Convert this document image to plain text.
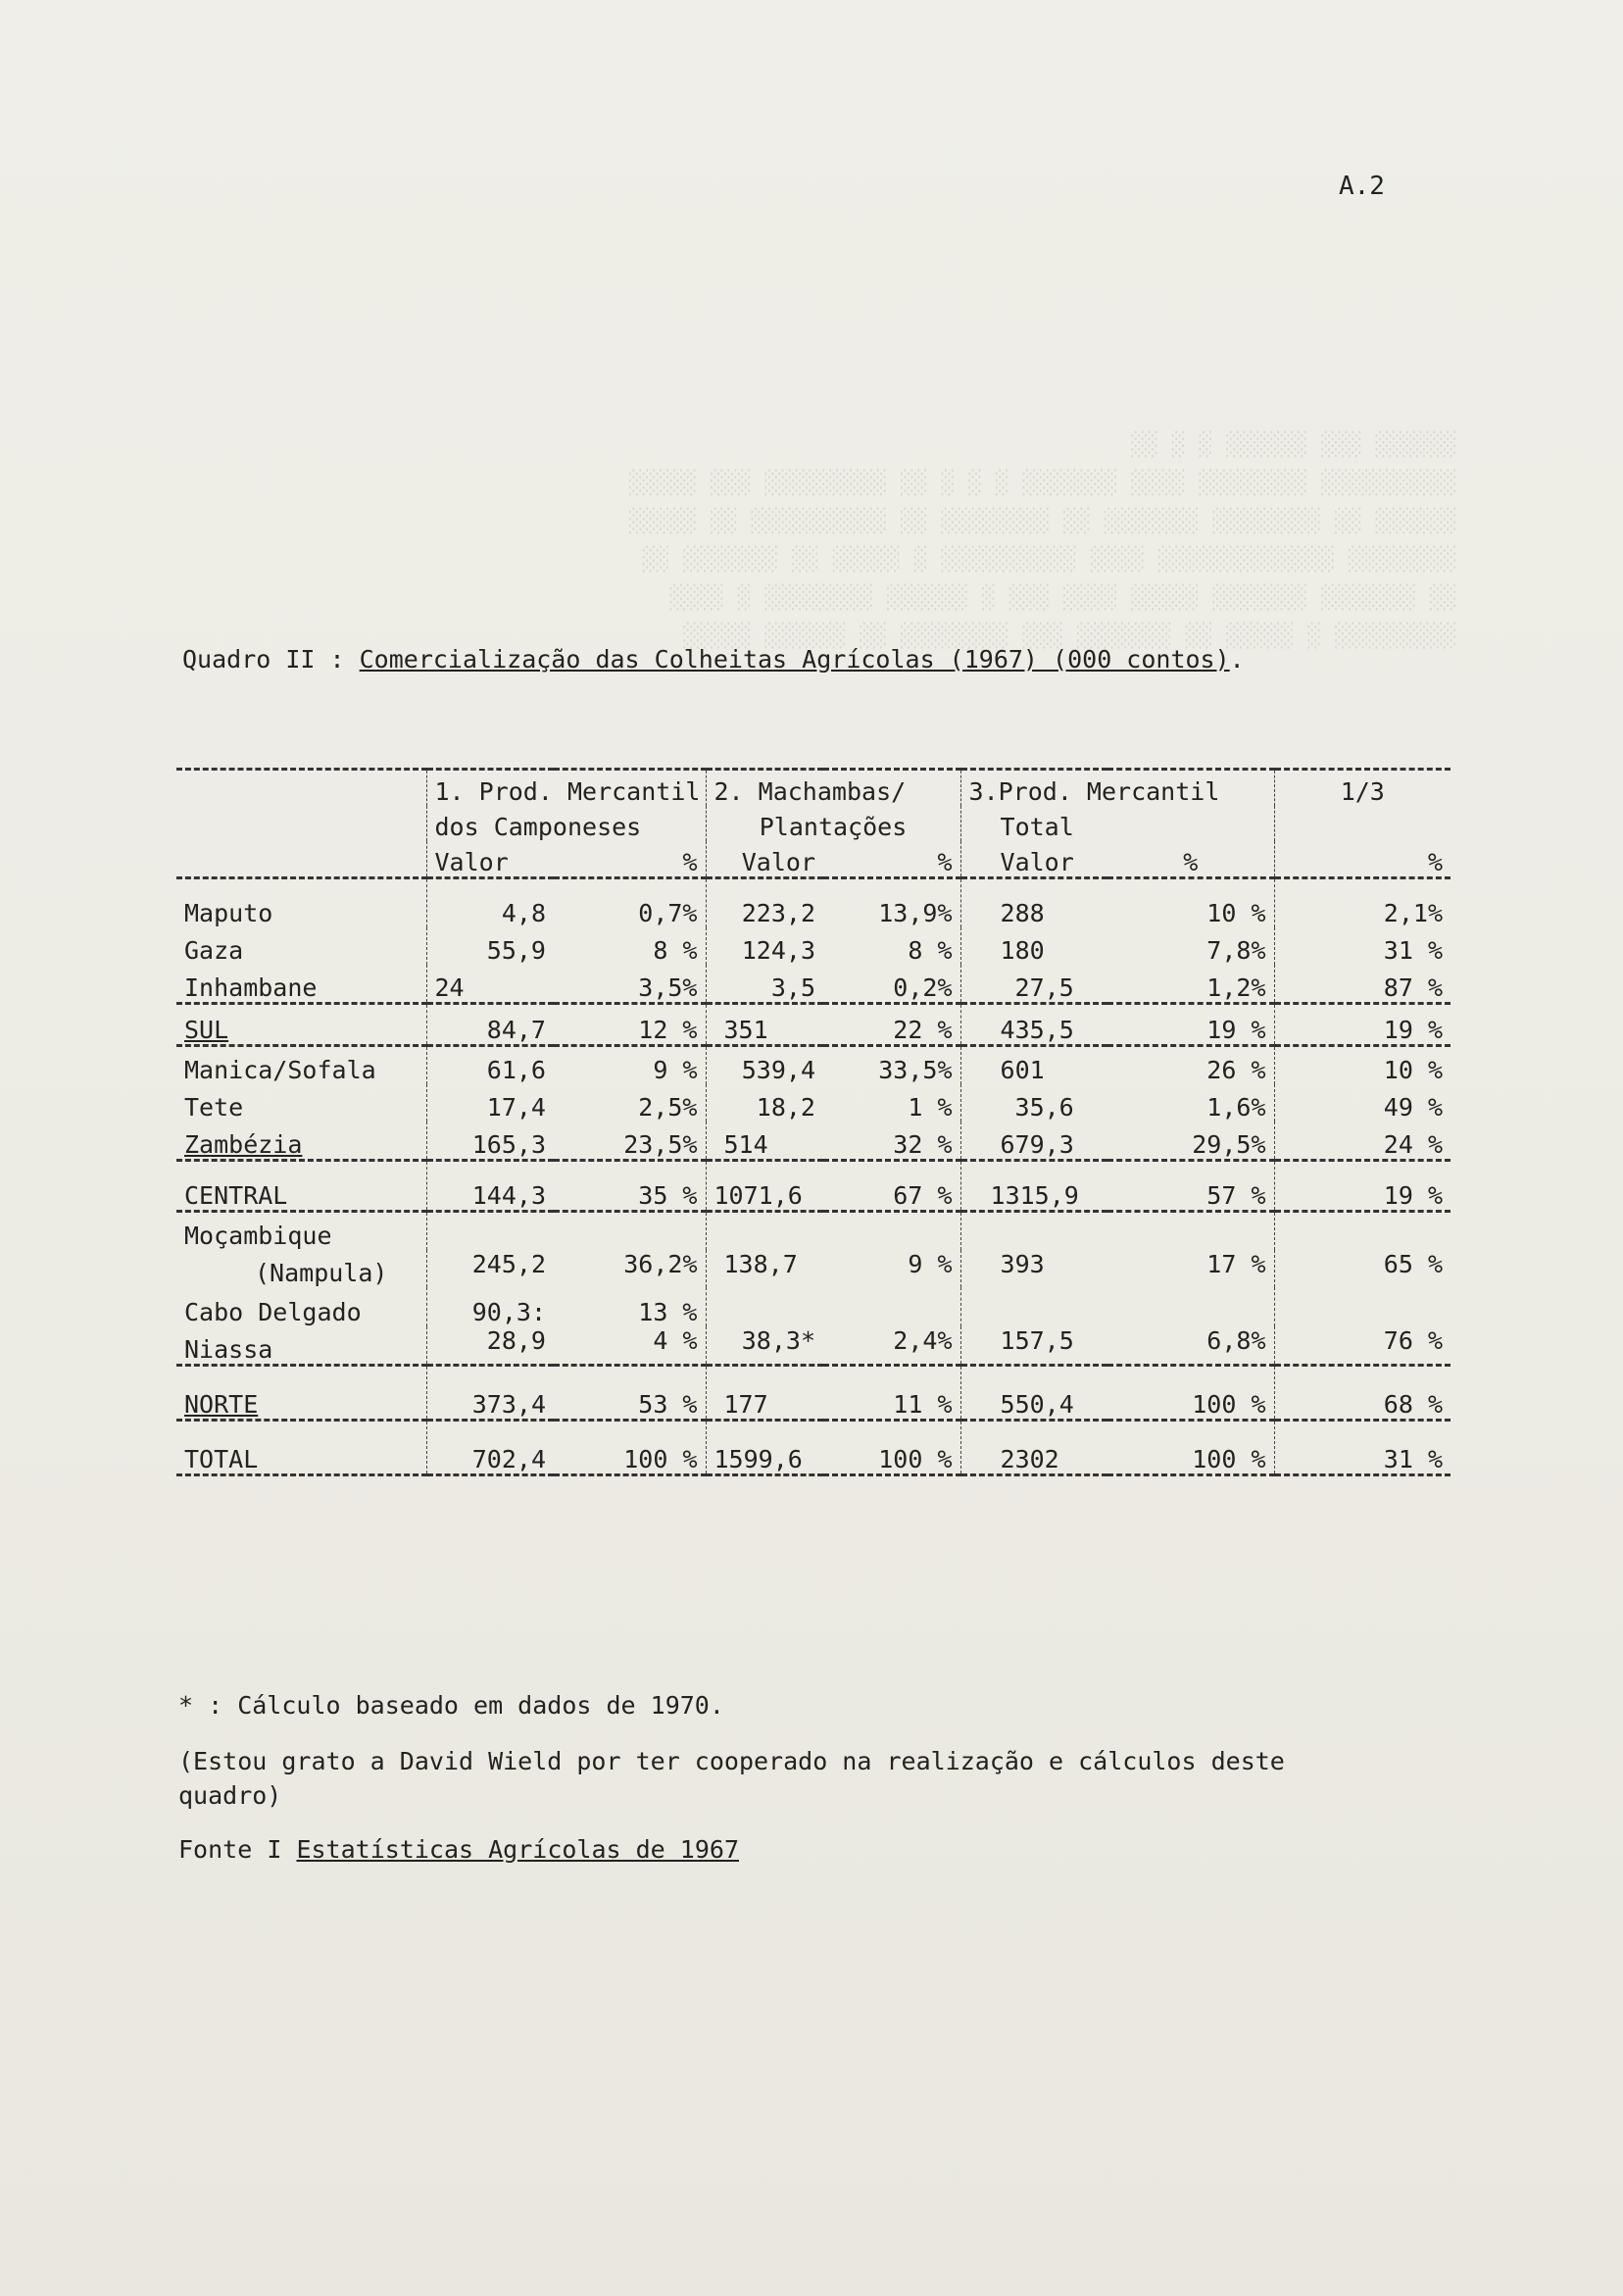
░░░░░░ ░░░ ░░░░░░ ░ ░ ░░
░░░░░░░░░░ ░░░░░░░░ ░░░░ ░░░░░░░ ░ ░ ░ ░░ ░░░░░░░░░ ░░░ ░░░░░
░░░░░░ ░░ ░░░░░░░░ ░░░░░░░ ░░ ░░░░░░░░ ░░ ░░░░░░░░░░ ░░ ░░░░░
░░░░░░░░ ░░░░░░░░░░░░░ ░░░░ ░░░░░░░░░░ ░ ░░░░░ ░░ ░░░░░░░ ░░
░░ ░░░░░░░ ░░░░░░░ ░░░░░ ░░░░ ░░░ ░ ░░░░░░ ░░░░░░░░ ░ ░░░░
░░░░░░░░░ ░ ░░░░░ ░░ ░░░░░░░ ░░░ ░░░░░░░░ ░░ ░░░░░░ ░░░░░

A.2
Quadro II : Comercialização das Colheitas Agrícolas (1967) (000 contos).
	1. Prod. Mercantil		2. Machambas/		3.Prod. Mercantil		1/3
	dos Camponeses		Plantações		Total		
	Valor	%	Valor	%	Valor	%	%
Maputo	4,8	0,7%	223,2	13,9%	288	10 %	2,1%
Gaza	55,9	8 %	124,3	8 %	180	7,8%	31 %
Inhambane	24	3,5%	3,5	0,2%	27,5	1,2%	87 %
SUL	84,7	12 %	351	22 %	435,5	19 %	19 %
Manica/Sofala	61,6	9 %	539,4	33,5%	601	26 %	10 %
Tete	17,4	2,5%	18,2	1 %	35,6	1,6%	49 %
Zambézia	165,3	23,5%	514	32 %	679,3	29,5%	24 %
CENTRAL	144,3	35 %	1071,6	67 %	1315,9	57 %	19 %
Moçambique							
(Nampula)	245,2	36,2%	138,7	9 %	393	17 %	65 %
Cabo Delgado	90,3:	13 %					
Niassa	28,9	4 %	38,3*	2,4%	157,5	6,8%	76 %
NORTE	373,4	53 %	177	11 %	550,4	100 %	68 %
TOTAL	702,4	100 %	1599,6	100 %	2302	100 %	31 %
* : Cálculo baseado em dados de 1970.
(Estou grato a David Wield por ter cooperado na realização e cálculos deste
quadro)
Fonte I Estatísticas Agrícolas de 1967
